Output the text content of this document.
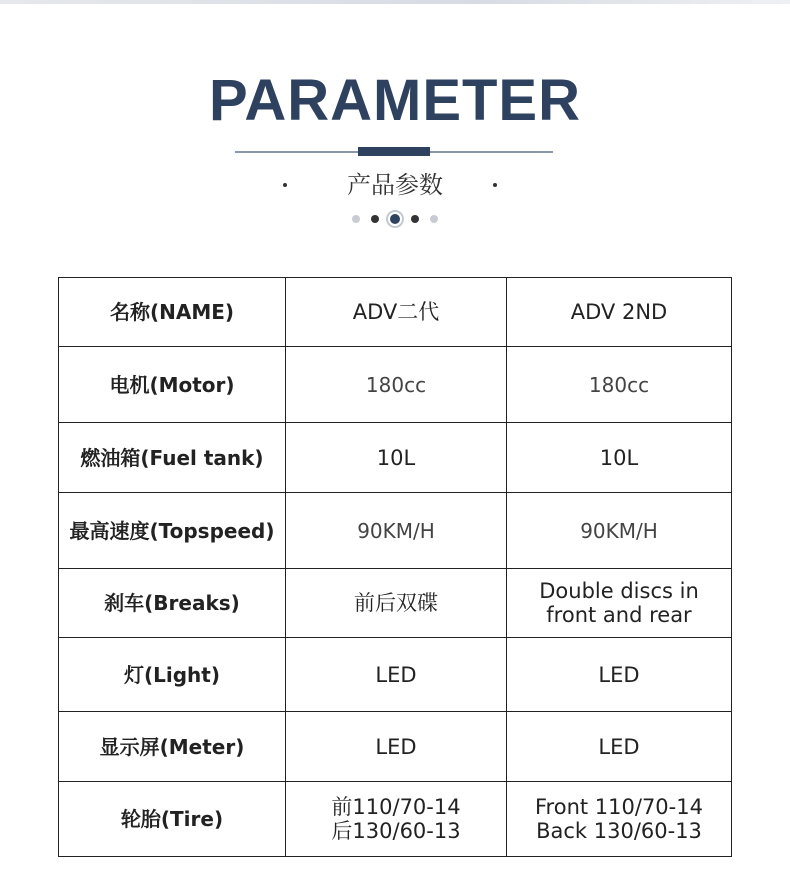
PARAMETER
产品参数
名称(NAME)	ADV二代	ADV 2ND

电机(Motor)	180cc	180cc

燃油箱(Fuel tank)	10L	10L

最高速度(Topspeed)	90KM/H	90KM/H

刹车(Breaks)	前后双碟	Double discs in
front and rear

灯(Light)	LED	LED

显示屏(Meter)	LED	LED

轮胎(Tire)	前110/70-14
后130/60-13	Front 110/70-14
Back 130/60-13
